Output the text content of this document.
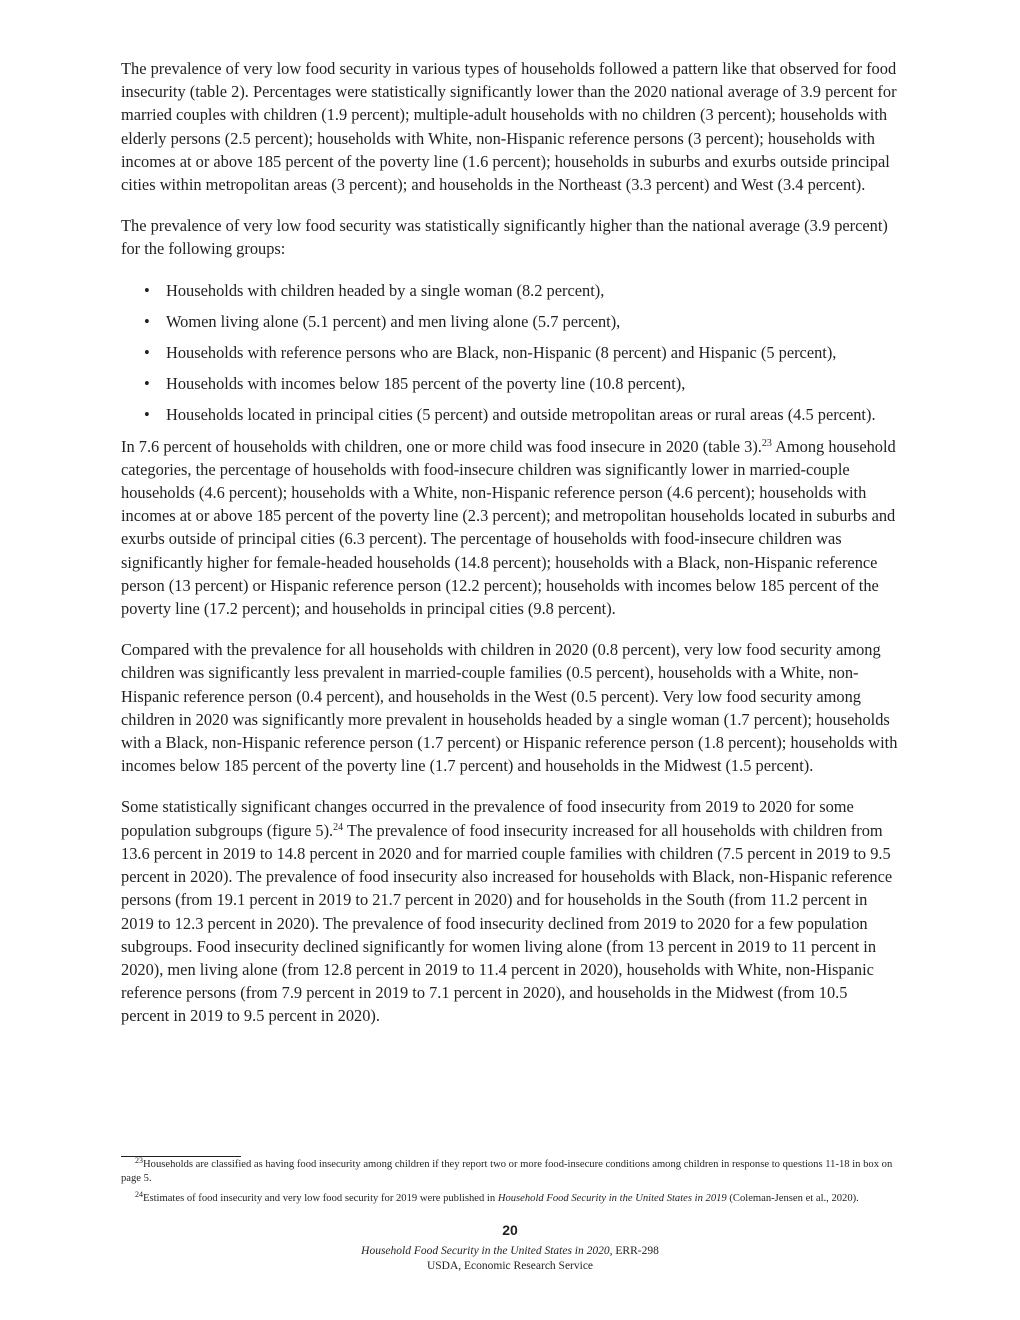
The prevalence of very low food security in various types of households followed a pattern like that observed for food insecurity (table 2). Percentages were statistically significantly lower than the 2020 national average of 3.9 percent for married couples with children (1.9 percent); multiple-adult households with no children (3 percent); households with elderly persons (2.5 percent); households with White, non-Hispanic reference persons (3 percent); households with incomes at or above 185 percent of the poverty line (1.6 percent); households in suburbs and exurbs outside principal cities within metropolitan areas (3 percent); and households in the Northeast (3.3 percent) and West (3.4 percent).

The prevalence of very low food security was statistically significantly higher than the national average (3.9 percent) for the following groups:

• Households with children headed by a single woman (8.2 percent),
• Women living alone (5.1 percent) and men living alone (5.7 percent),
• Households with reference persons who are Black, non-Hispanic (8 percent) and Hispanic (5 percent),
• Households with incomes below 185 percent of the poverty line (10.8 percent),
• Households located in principal cities (5 percent) and outside metropolitan areas or rural areas (4.5 percent).

In 7.6 percent of households with children, one or more child was food insecure in 2020 (table 3).$^{23}$ Among household categories, the percentage of households with food-insecure children was significantly lower in married-couple households (4.6 percent); households with a White, non-Hispanic reference person (4.6 percent); households with incomes at or above 185 percent of the poverty line (2.3 percent); and metropolitan households located in suburbs and exurbs outside of principal cities (6.3 percent). The percentage of households with food-insecure children was significantly higher for female-headed households (14.8 percent); households with a Black, non-Hispanic reference person (13 percent) or Hispanic reference person (12.2 percent); households with incomes below 185 percent of the poverty line (17.2 percent); and households in principal cities (9.8 percent).

Compared with the prevalence for all households with children in 2020 (0.8 percent), very low food security among children was significantly less prevalent in married-couple families (0.5 percent), households with a White, non-Hispanic reference person (0.4 percent), and households in the West (0.5 percent). Very low food security among children in 2020 was significantly more prevalent in households headed by a single woman (1.7 percent); households with a Black, non-Hispanic reference person (1.7 percent) or Hispanic reference person (1.8 percent); households with incomes below 185 percent of the poverty line (1.7 percent) and households in the Midwest (1.5 percent).

Some statistically significant changes occurred in the prevalence of food insecurity from 2019 to 2020 for some population subgroups (figure 5).$^{24}$ The prevalence of food insecurity increased for all households with children from 13.6 percent in 2019 to 14.8 percent in 2020 and for married couple families with children (7.5 percent in 2019 to 9.5 percent in 2020). The prevalence of food insecurity also increased for households with Black, non-Hispanic reference persons (from 19.1 percent in 2019 to 21.7 percent in 2020) and for households in the South (from 11.2 percent in 2019 to 12.3 percent in 2020). The prevalence of food insecurity declined from 2019 to 2020 for a few population subgroups. Food insecurity declined significantly for women living alone (from 13 percent in 2019 to 11 percent in 2020), men living alone (from 12.8 percent in 2019 to 11.4 percent in 2020), households with White, non-Hispanic reference persons (from 7.9 percent in 2019 to 7.1 percent in 2020), and households in the Midwest (from 10.5 percent in 2019 to 9.5 percent in 2020).

$^{23}$Households are classified as having food insecurity among children if they report two or more food-insecure conditions among children in response to questions 11-18 in box on page 5.

$^{24}$Estimates of food insecurity and very low food security for 2019 were published in Household Food Security in the United States in 2019 (Coleman-Jensen et al., 2020).

20
Household Food Security in the United States in 2020, ERR-298
USDA, Economic Research Service
